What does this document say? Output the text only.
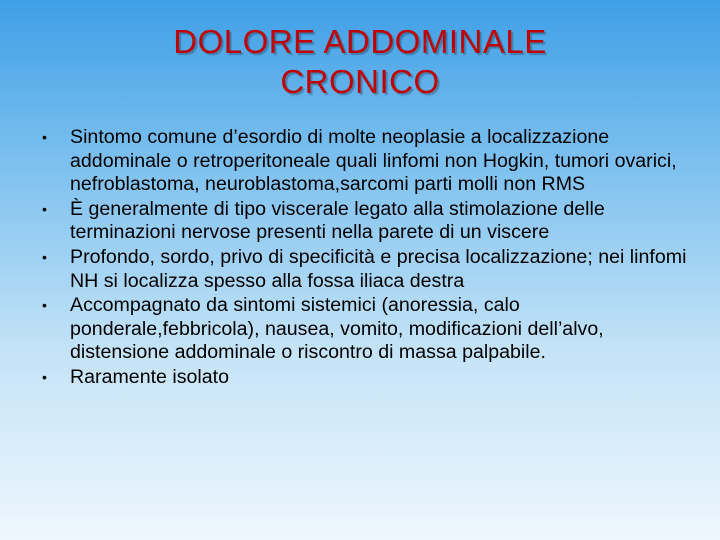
DOLORE ADDOMINALE
CRONICO
•	Sintomo comune d’esordio di molte neoplasie a localizzazione addominale o retroperitoneale quali linfomi non Hogkin, tumori ovarici, nefroblastoma, neuroblastoma,sarcomi parti molli non RMS
•	È generalmente di tipo viscerale legato alla stimolazione delle terminazioni nervose presenti nella parete di un viscere
•	Profondo, sordo, privo di specificità e precisa localizzazione; nei linfomi NH si localizza spesso alla fossa iliaca destra
•	Accompagnato da sintomi sistemici (anoressia, calo ponderale,febbricola), nausea, vomito, modificazioni dell’alvo, distensione addominale o riscontro di massa palpabile.
•	Raramente isolato
